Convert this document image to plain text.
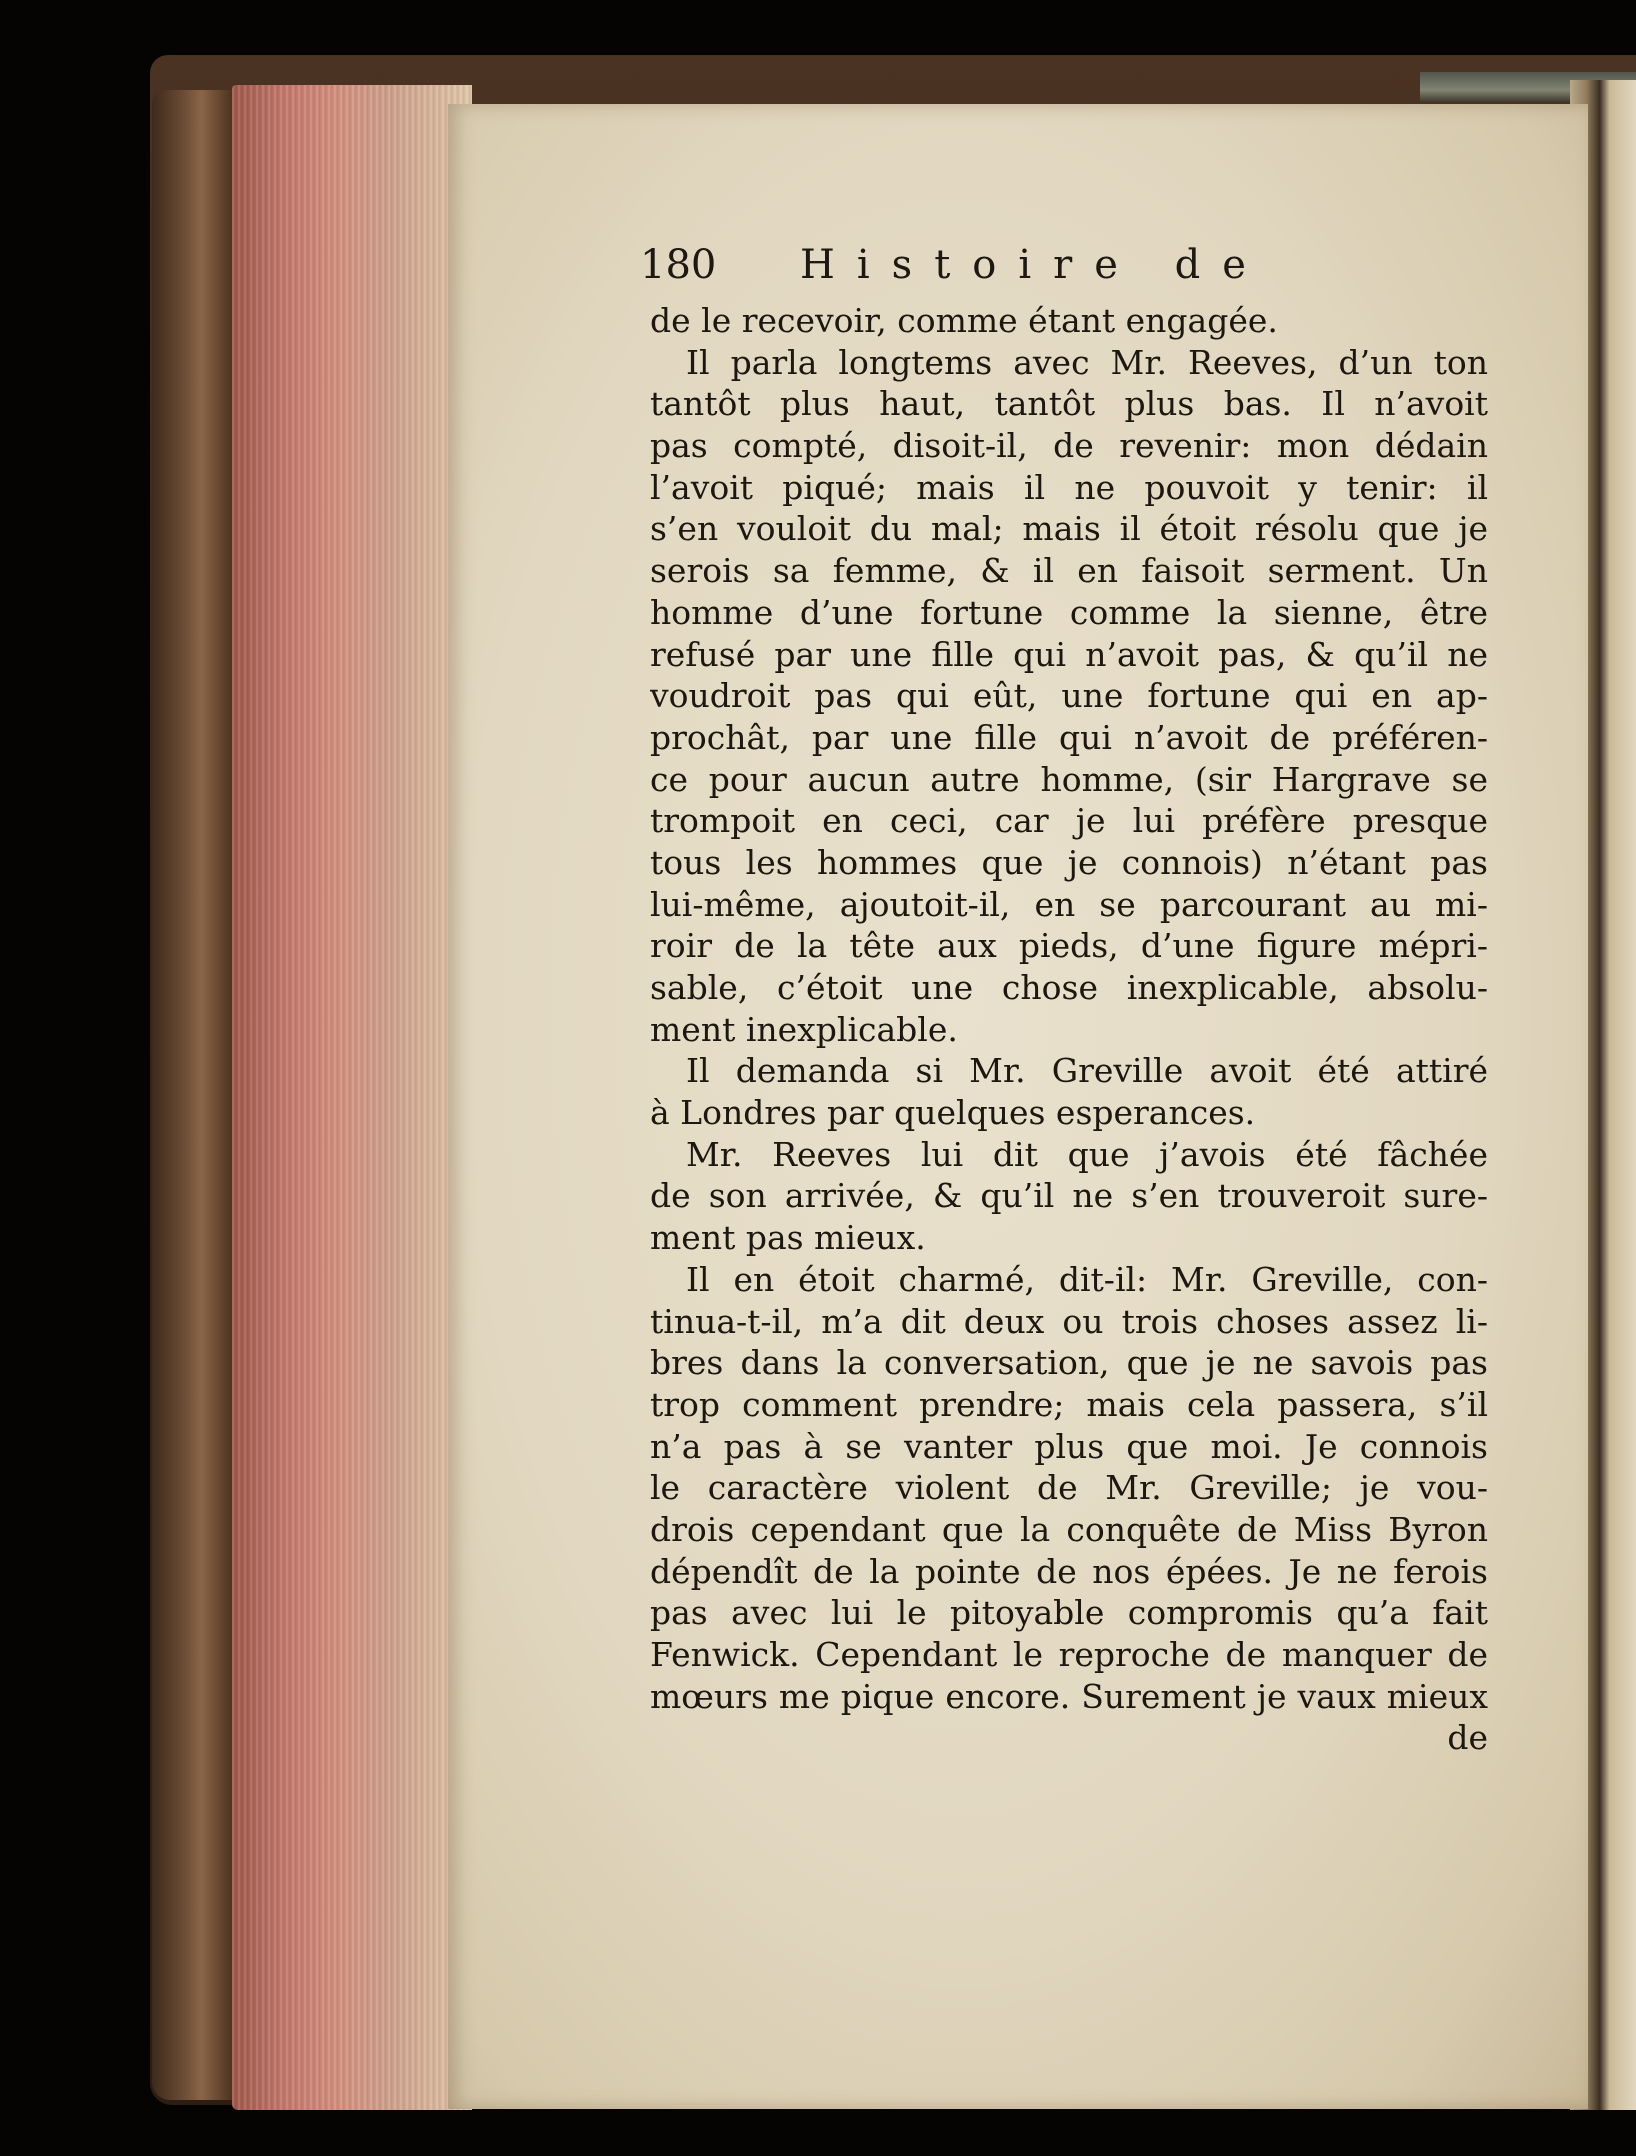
180 Histoire de
de le recevoir, comme étant engagée.
Il parla longtems avec Mr. Reeves, d’un ton
tantôt plus haut, tantôt plus bas. Il n’avoit
pas compté, disoit-il, de revenir: mon dédain
l’avoit piqué; mais il ne pouvoit y tenir: il
s’en vouloit du mal; mais il étoit résolu que je
serois sa femme, & il en faisoit serment. Un
homme d’une fortune comme la sienne, être
refusé par une fille qui n’avoit pas, & qu’il ne
voudroit pas qui eût, une fortune qui en ap-
prochât, par une fille qui n’avoit de préféren-
ce pour aucun autre homme, (sir Hargrave se
trompoit en ceci, car je lui préfère presque
tous les hommes que je connois) n’étant pas
lui-même, ajoutoit-il, en se parcourant au mi-
roir de la tête aux pieds, d’une figure mépri-
sable, c’étoit une chose inexplicable, absolu-
ment inexplicable.
Il demanda si Mr. Greville avoit été attiré
à Londres par quelques esperances.
Mr. Reeves lui dit que j’avois été fâchée
de son arrivée, & qu’il ne s’en trouveroit sure-
ment pas mieux.
Il en étoit charmé, dit-il: Mr. Greville, con-
tinua-t-il, m’a dit deux ou trois choses assez li-
bres dans la conversation, que je ne savois pas
trop comment prendre; mais cela passera, s’il
n’a pas à se vanter plus que moi. Je connois
le caractère violent de Mr. Greville; je vou-
drois cependant que la conquête de Miss Byron
dépendît de la pointe de nos épées. Je ne ferois
pas avec lui le pitoyable compromis qu’a fait
Fenwick. Cependant le reproche de manquer de
mœurs me pique encore. Surement je vaux mieux
de
